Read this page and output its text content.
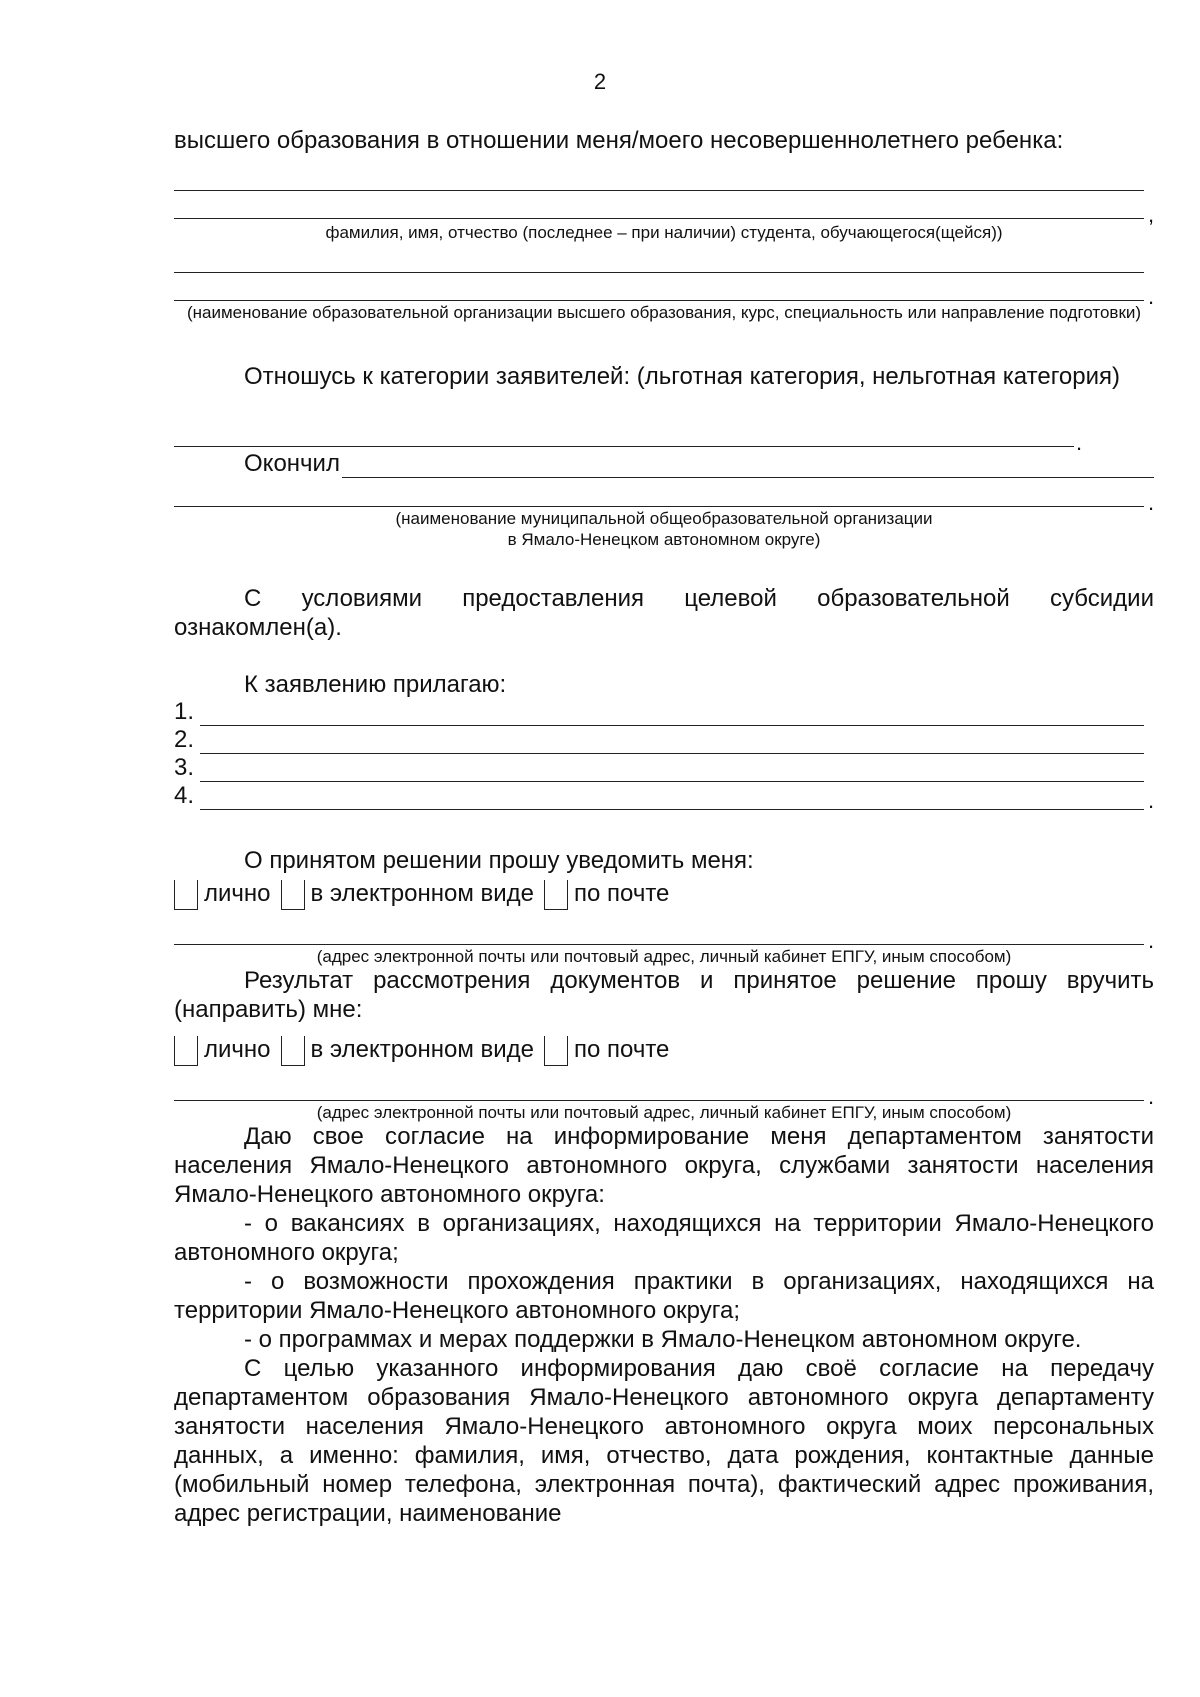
2

высшего образования в отношении меня/моего несовершеннолетнего ребенка:

,

фамилия, имя, отчество (последнее – при наличии) студента, обучающегося(щейся))

.

(наименование образовательной организации высшего образования, курс, специальность или направление подготовки)

Отношусь к категории заявителей: (льготная категория, нельготная категория)

.
Окончил
.

(наименование муниципальной общеобразовательной организации

в Ямало-Ненецком автономном округе)

С условиями предоставления целевой образовательной субсидии ознакомлен(а).

К заявлению прилагаю:

1.
2.
3.
4.	.

О принятом решении прошу уведомить меня:

лично в электронном виде по почте
.

(адрес электронной почты или почтовый адрес, личный кабинет ЕПГУ, иным способом)

Результат рассмотрения документов и принятое решение прошу вручить (направить) мне:

лично в электронном виде по почте
.

(адрес электронной почты или почтовый адрес, личный кабинет ЕПГУ, иным способом)

Даю свое согласие на информирование меня департаментом занятости населения Ямало-Ненецкого автономного округа, службами занятости населения Ямало-Ненецкого автономного округа:

- о вакансиях в организациях, находящихся на территории Ямало-Ненецкого автономного округа;

- о возможности прохождения практики в организациях, находящихся на территории Ямало-Ненецкого автономного округа;

- о программах и мерах поддержки в Ямало-Ненецком автономном округе.

С целью указанного информирования даю своё согласие на передачу департаментом образования Ямало-Ненецкого автономного округа департаменту занятости населения Ямало-Ненецкого автономного округа моих персональных данных, а именно: фамилия, имя, отчество, дата рождения, контактные данные (мобильный номер телефона, электронная почта), фактический адрес проживания, адрес регистрации, наименование
